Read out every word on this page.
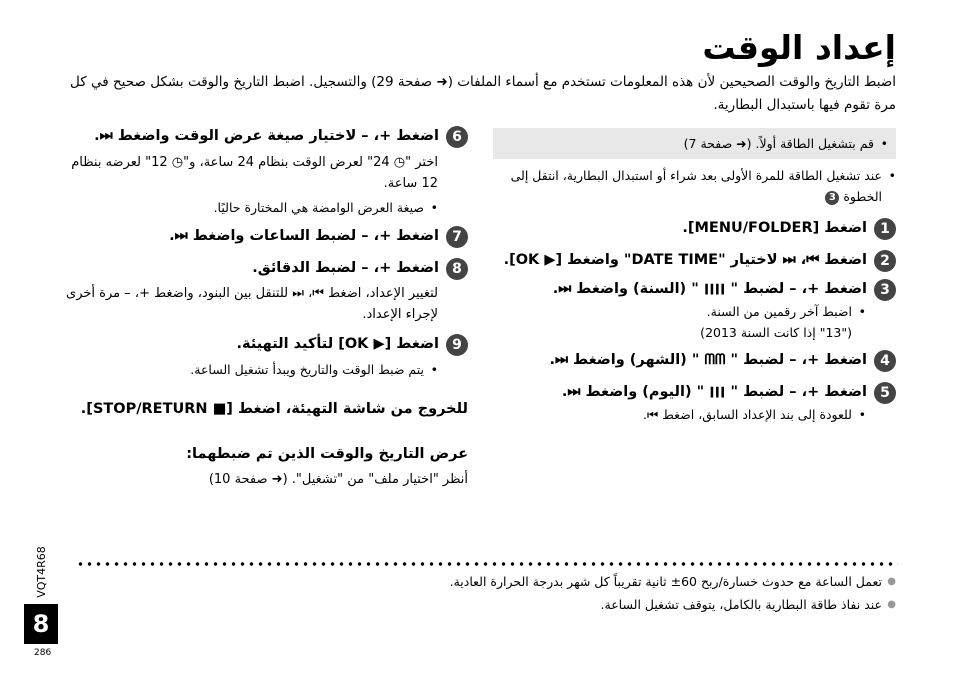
إعداد الوقت
اضبط التاريخ والوقت الصحيحين لأن هذه المعلومات تستخدم مع أسماء الملفات (➜ صفحة 29) والتسجيل. اضبط التاريخ والوقت بشكل صحيح في كل مرة تقوم فيها باستبدال البطارية.
• قم بتشغيل الطاقة أولاً. (➜ صفحة 7)
• عند تشغيل الطاقة للمرة الأولى بعد شراء أو استبدال البطارية، انتقل إلى الخطوة 3
1
اضغط [MENU/FOLDER].
2
اضغط ⏮، ⏭ لاختيار "DATE TIME" واضغط [▶ OK].
3
اضغط +، – لضبط " ׀׀׀׀ " (السنة) واضغط ⏭.
• اضبط آخر رقمين من السنة.

("13" إذا كانت السنة 2013)

4
اضغط +، – لضبط " ᗰᗰ " (الشهر) واضغط ⏭.
5
اضغط +، – لضبط " ׀׀׀ " (اليوم) واضغط ⏭.
• للعودة إلى بند الإعداد السابق، اضغط ⏮.
6
اضغط +، – لاختيار صيغة عرض الوقت واضغط ⏭.

اختر "◷ 24" لعرض الوقت بنظام 24 ساعة، و"◷ 12" لعرضه بنظام 12 ساعة.

• صيغة العرض الوامضة هي المختارة حاليًا.
7
اضغط +، – لضبط الساعات واضغط ⏭.
8
اضغط +، – لضبط الدقائق.

لتغيير الإعداد، اضغط ⏮، ⏭ للتنقل بين البنود، واضغط +، – مرة أخرى لإجراء الإعداد.

9
اضغط [▶ OK] لتأكيد التهيئة.
• يتم ضبط الوقت والتاريخ ويبدأ تشغيل الساعة.

للخروج من شاشة التهيئة، اضغط [■ STOP/RETURN].

عرض التاريخ والوقت الذين تم ضبطهما:

أنظر "اختيار ملف" من "تشغيل". (➜ صفحة 10)

● تعمل الساعة مع حدوث خسارة/ربح 60± ثانية تقريباً كل شهر بدرجة الحرارة العادية.
● عند نفاذ طاقة البطارية بالكامل، يتوقف تشغيل الساعة.
VQT4R68
8
286
